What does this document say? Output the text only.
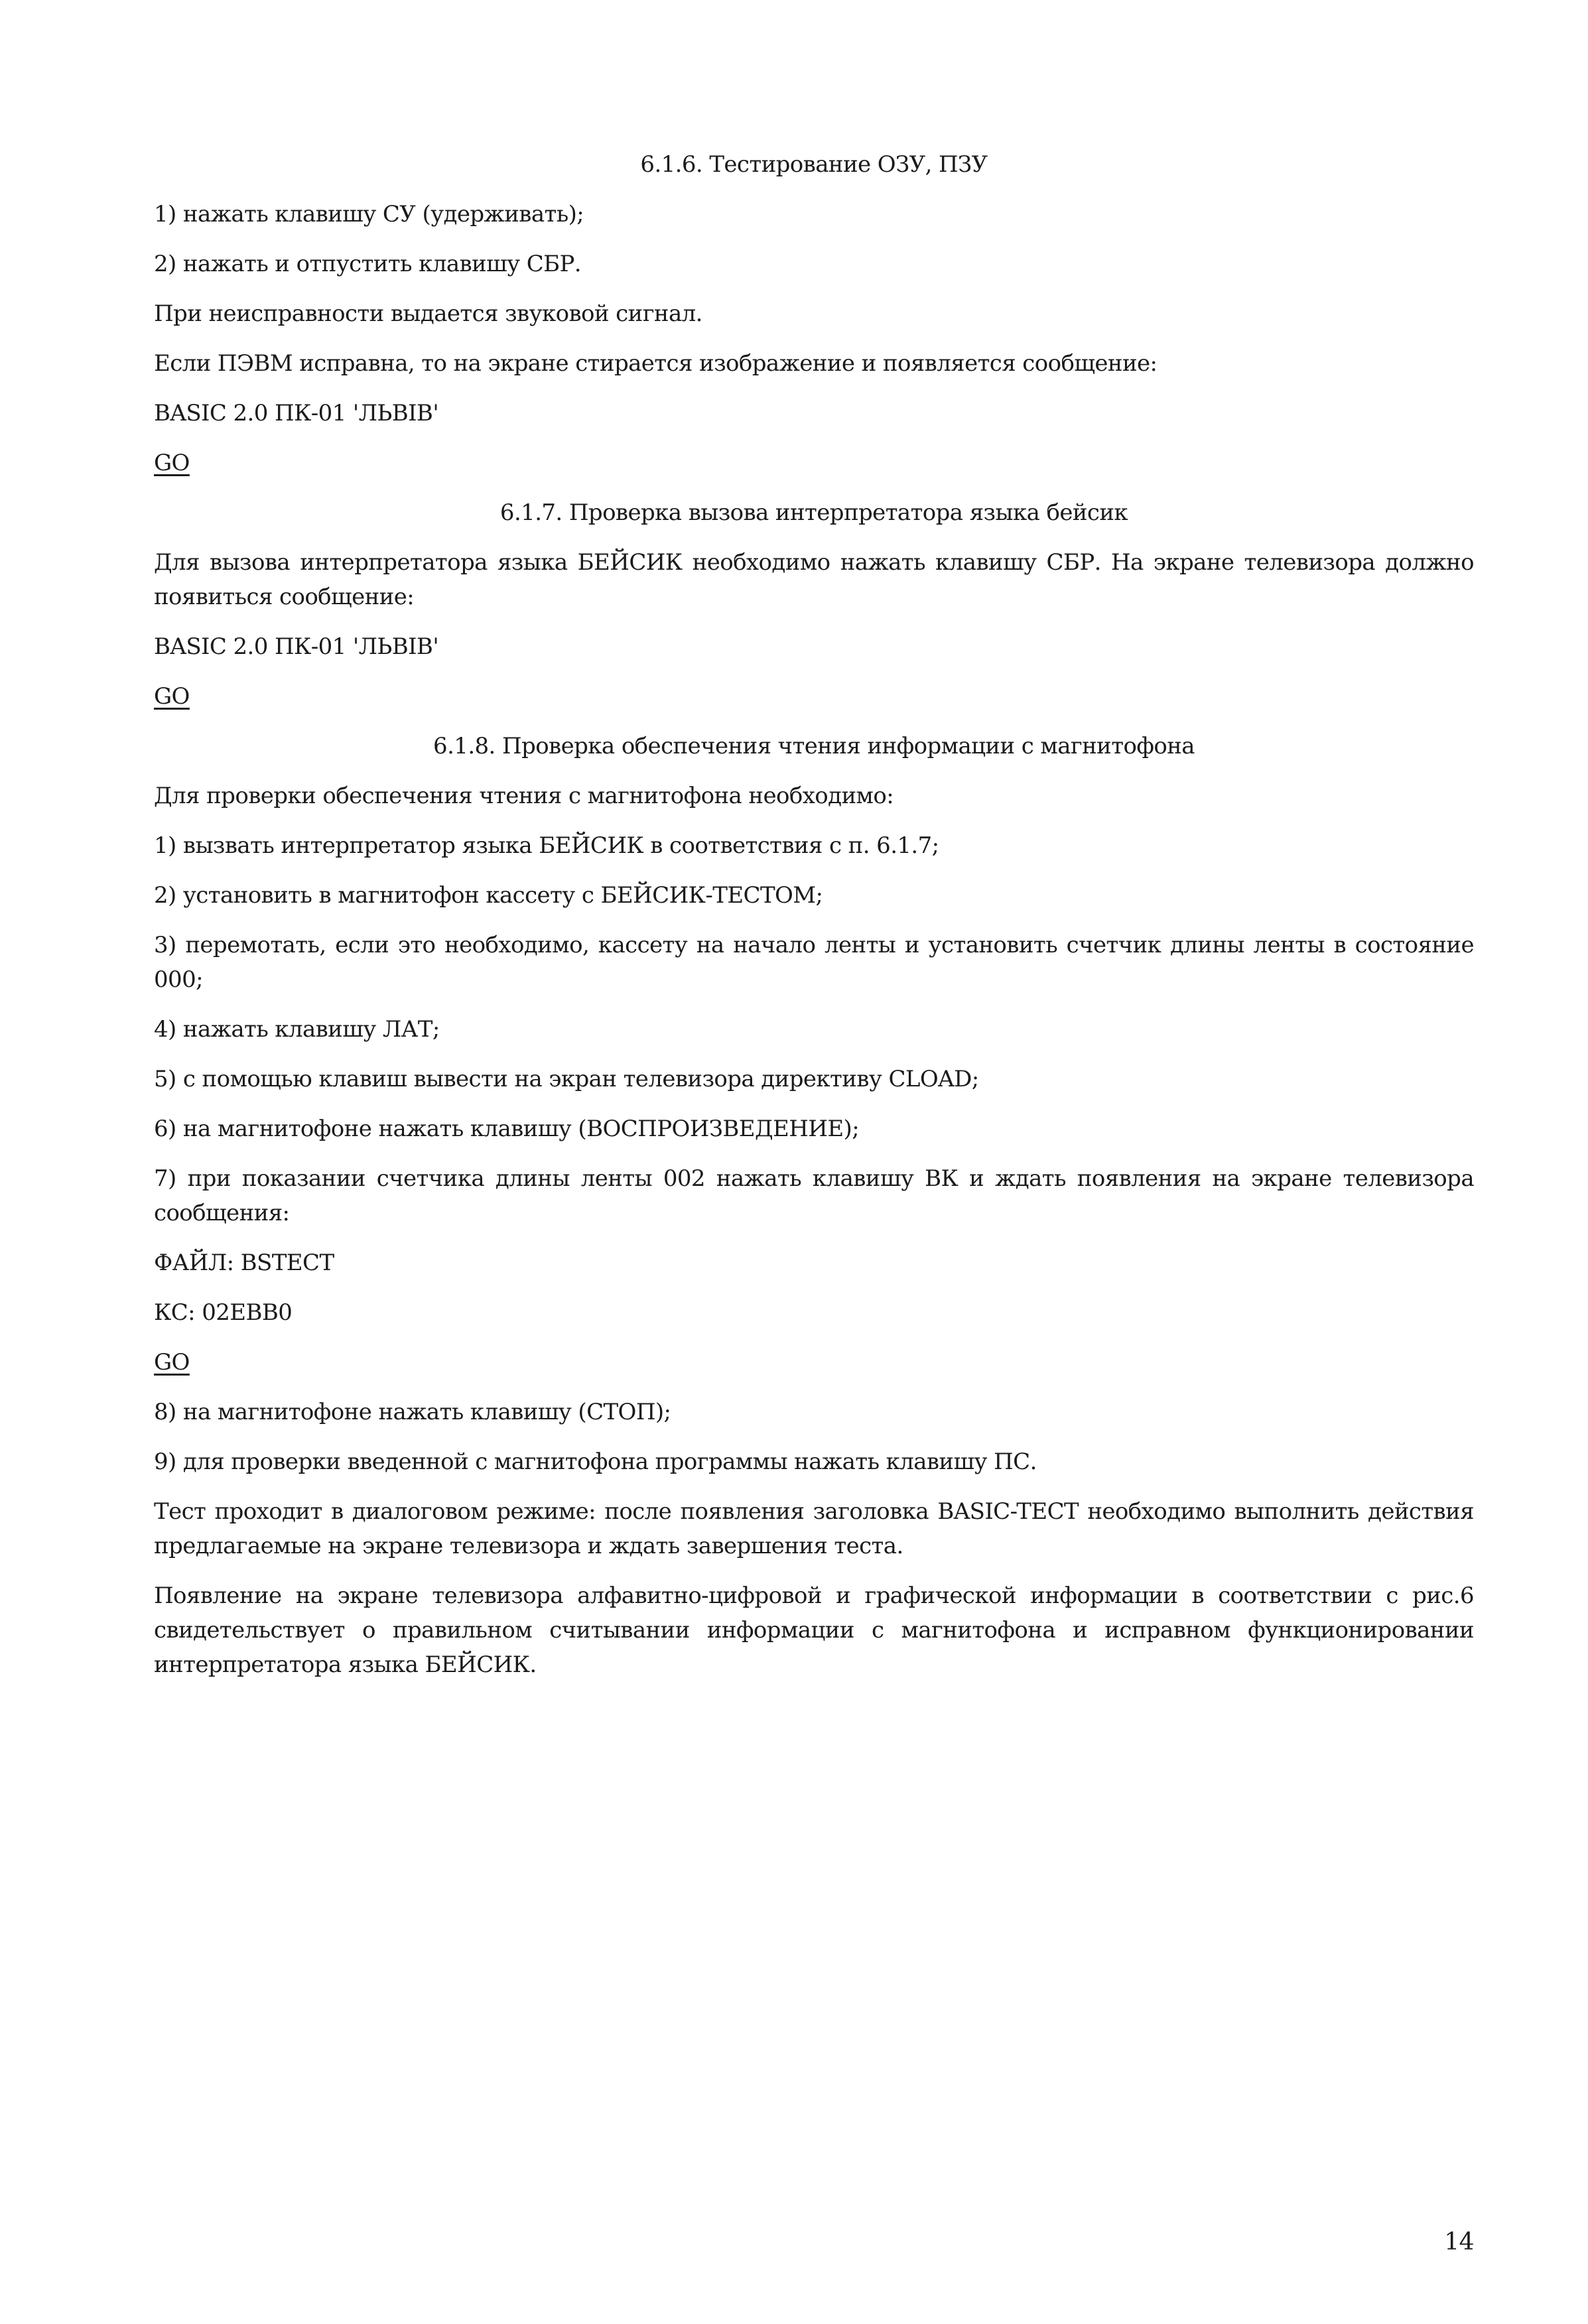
6.1.6. Тестирование ОЗУ, ПЗУ
1) нажать клавишу СУ (удерживать);
2) нажать и отпустить клавишу СБР.
При неисправности выдается звуковой сигнал.
Если ПЭВМ исправна, то на экране стирается изображение и появляется сообщение:
BASIC 2.0 ПК-01 'ЛЬВІВ'
GO
6.1.7. Проверка вызова интерпретатора языка бейсик
Для вызова интерпретатора языка БЕЙСИК необходимо нажать клавишу СБР. На экране телевизора должно появиться сообщение:
BASIC 2.0 ПК-01 'ЛЬВІВ'
GO
6.1.8. Проверка обеспечения чтения информации с магнитофона
Для проверки обеспечения чтения с магнитофона необходимо:
1) вызвать интерпретатор языка БЕЙСИК в соответствия с п. 6.1.7;
2) установить в магнитофон кассету с БЕЙСИК-ТЕСТОМ;
3) перемотать, если это необходимо, кассету на начало ленты и установить счетчик длины ленты в состояние 000;
4) нажать клавишу ЛАТ;
5) с помощью клавиш вывести на экран телевизора директиву CLOAD;
6) на магнитофоне нажать клавишу (ВОСПРОИЗВЕДЕНИЕ);
7) при показании счетчика длины ленты 002 нажать клавишу ВК и ждать появления на экране телевизора сообщения:
ФАЙЛ: BSTECT
КС: 02EBB0
GO
8) на магнитофоне нажать клавишу (СТОП);
9) для проверки введенной с магнитофона программы нажать клавишу ПС.
Тест проходит в диалоговом режиме: после появления заголовка BASIC-TECT необходимо выполнить действия предлагаемые на экране телевизора и ждать завершения теста.
Появление на экране телевизора алфавитно-цифровой и графической информации в соответствии с рис.6 свидетельствует о правильном считывании информации с магнитофона и исправном функционировании интерпретатора языка БЕЙСИК.
14
